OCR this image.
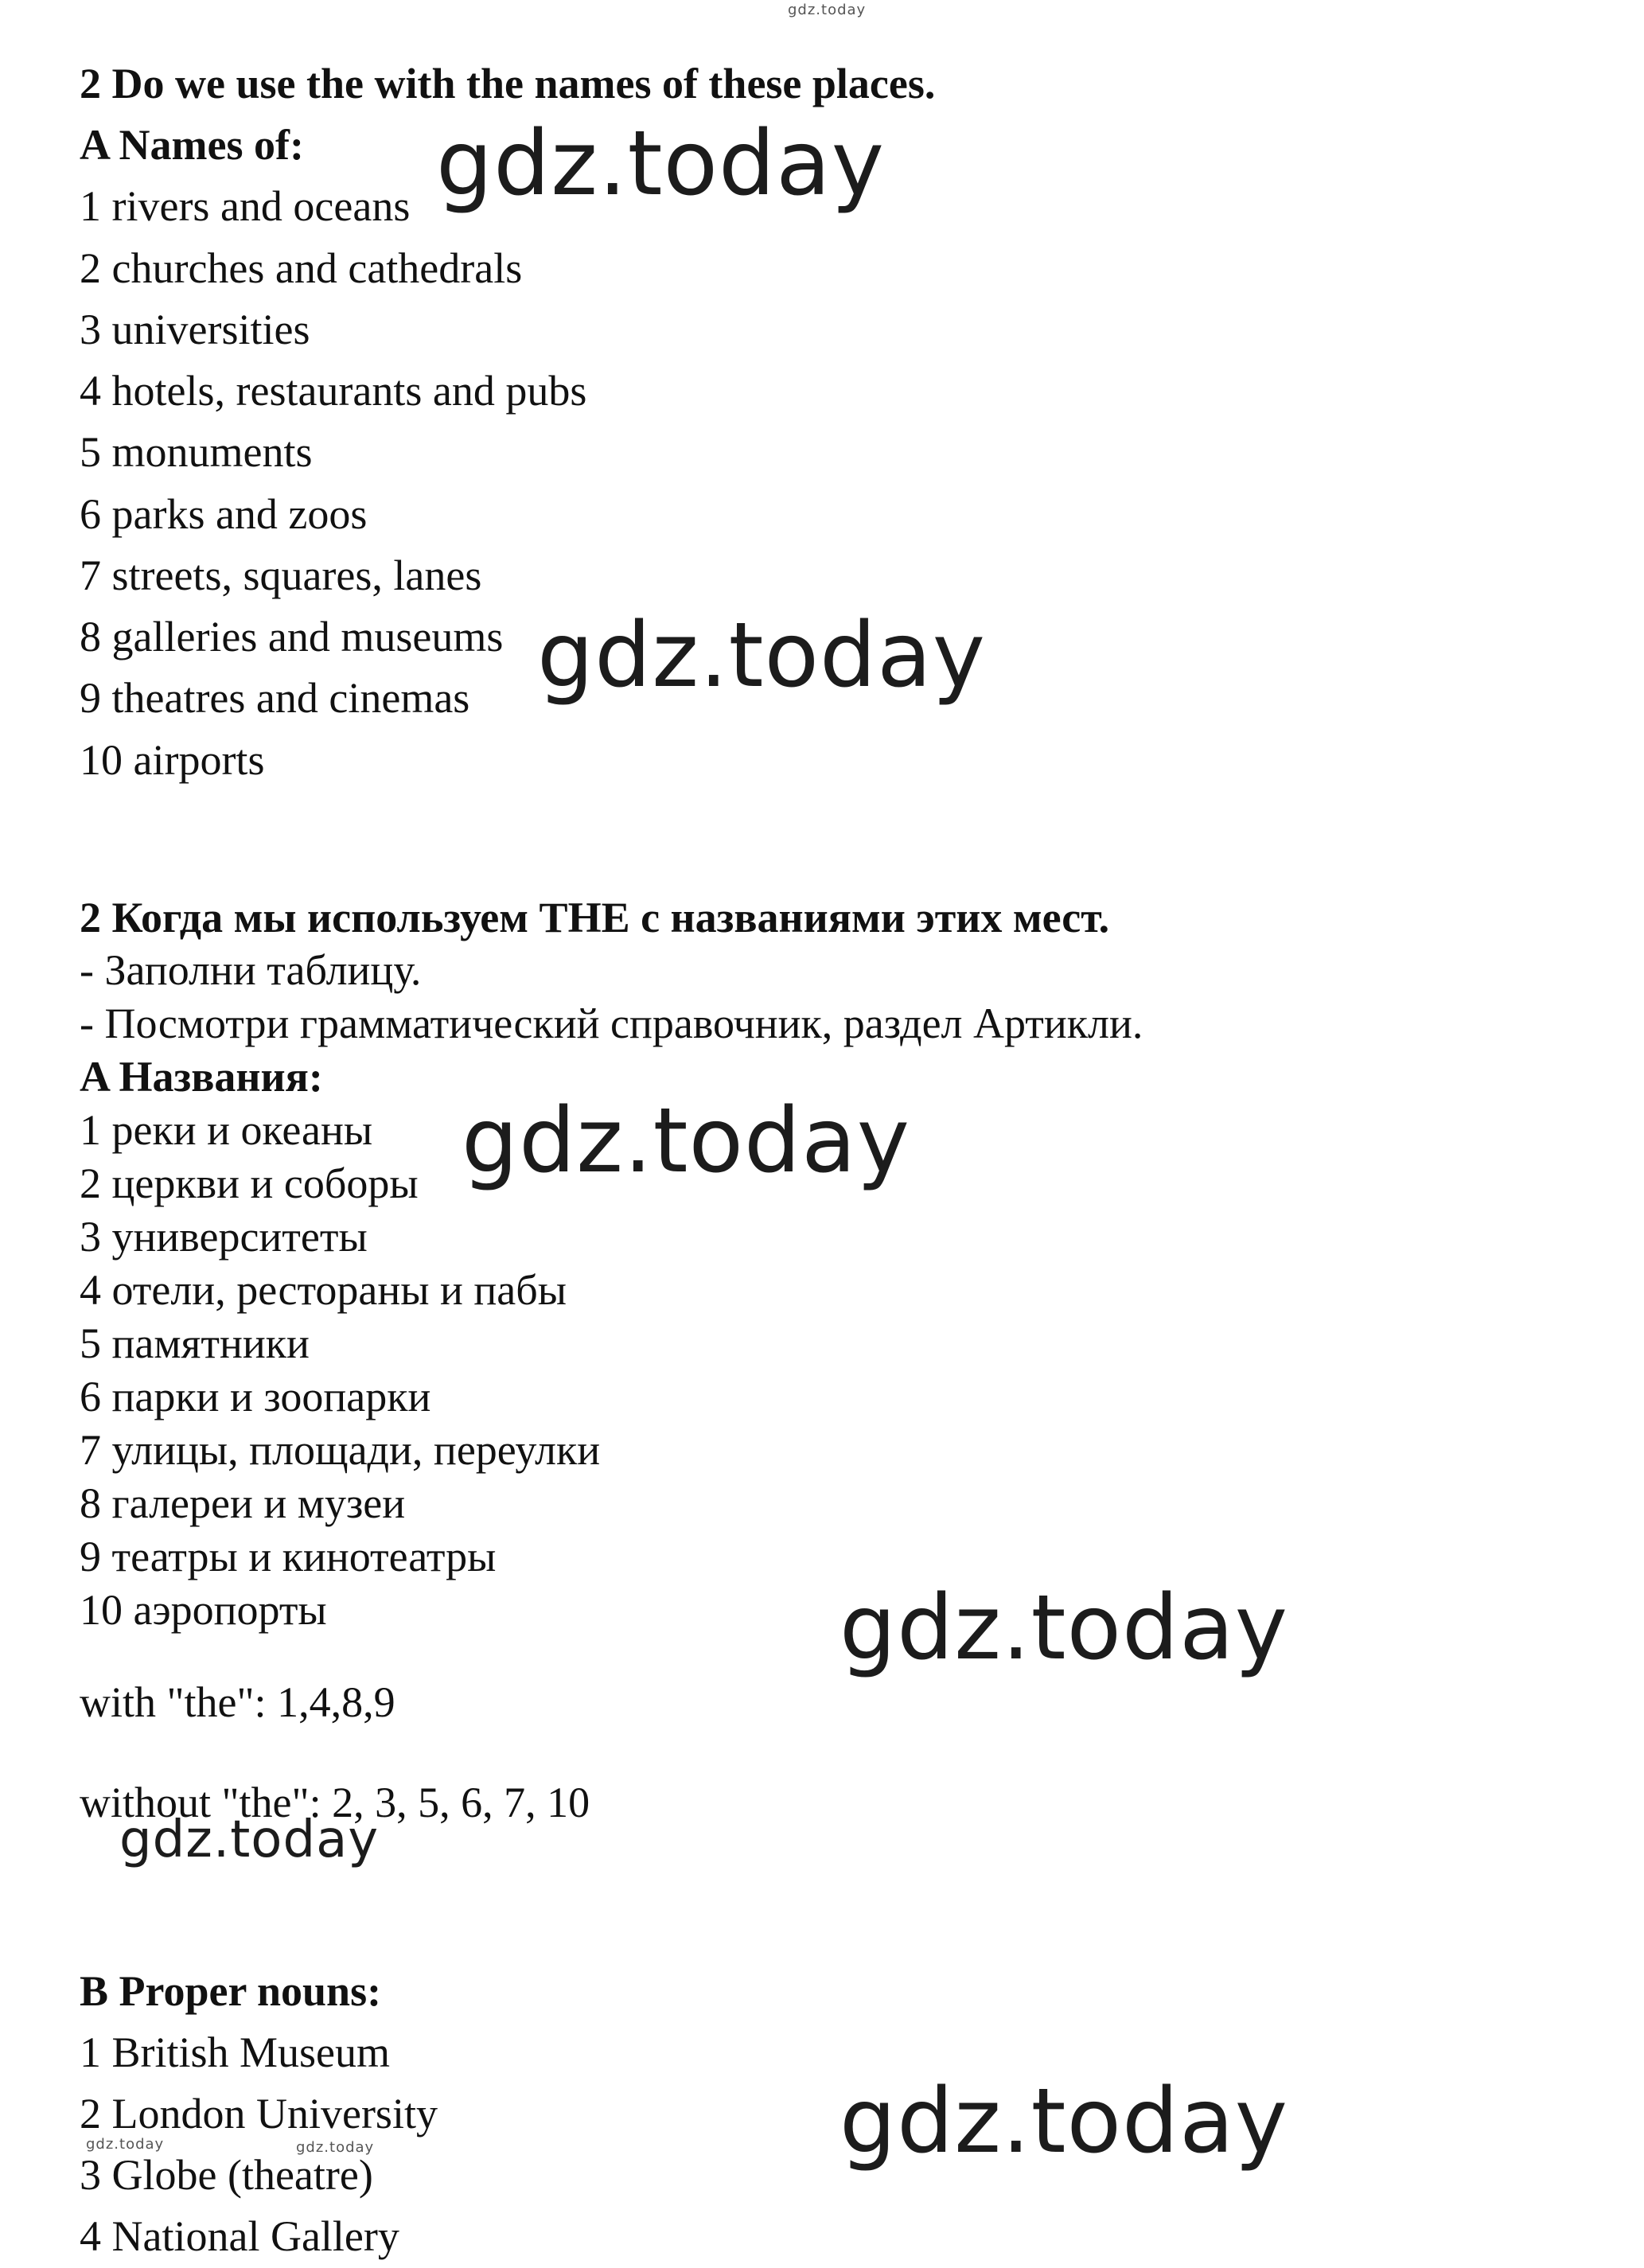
gdz.today
2 Do we use the with the names of these places.
A Names of:
1 rivers and oceans
2 churches and cathedrals
3 universities
4 hotels, restaurants and pubs
5 monuments
6 parks and zoos
7 streets, squares, lanes
8 galleries and museums
9 theatres and cinemas
10 airports
2 Когда мы используем THE с названиями этих мест.
- Заполни таблицу.
- Посмотри грамматический справочник, раздел Артикли.
A Названия:
1 реки и океаны
2 церкви и соборы
3 университеты
4 отели, рестораны и пабы
5 памятники
6 парки и зоопарки
7 улицы, площади, переулки
8 галереи и музеи
9 театры и кинотеатры
10 аэропорты
with "the": 1,4,8,9
without "the": 2, 3, 5, 6, 7, 10
B Proper nouns:
1 British Museum
2 London University
3 Globe (theatre)
4 National Gallery
gdz.today
gdz.today
gdz.today
gdz.today
gdz.today
gdz.today
gdz.today	gdz.today
